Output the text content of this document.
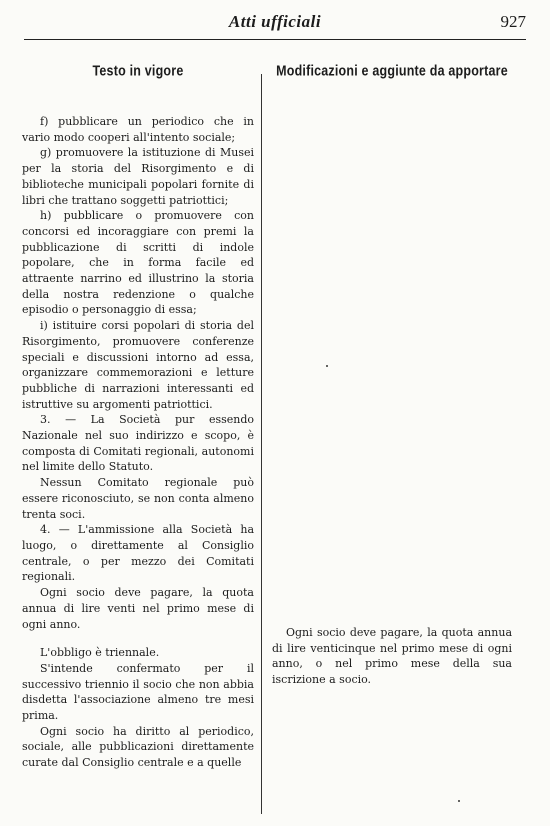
Atti ufficiali	927
Testo in vigore

f) pubblicare un periodico che in vario modo cooperi all'intento sociale;

g) promuovere la istituzione di Musei per la storia del Risorgimento e di biblioteche municipali popolari fornite di libri che trattano soggetti patriottici;

h) pubblicare o promuovere con concorsi ed incoraggiare con premi la pubblicazione di scritti di indole popolare, che in forma facile ed attraente narrino ed illustrino la storia della nostra redenzione o qualche episodio o personaggio di essa;

i) istituire corsi popolari di storia del Risorgimento, promuovere conferenze speciali e discussioni intorno ad essa, organizzare commemorazioni e letture pubbliche di narrazioni interessanti ed istruttive su argomenti patriottici.

3. — La Società pur essendo Nazionale nel suo indirizzo e scopo, è composta di Comitati regionali, autonomi nel limite dello Statuto.

Nessun Comitato regionale può essere riconosciuto, se non conta almeno trenta soci.

4. — L'ammissione alla Società ha luogo, o direttamente al Consiglio centrale, o per mezzo dei Comitati regionali.

Ogni socio deve pagare, la quota annua di lire venti nel primo mese di ogni anno.

L'obbligo è triennale.

S'intende confermato per il successivo triennio il socio che non abbia disdetta l'associazione almeno tre mesi prima.

Ogni socio ha diritto al periodico, sociale, alle pubblicazioni direttamente curate dal Consiglio centrale e a quelle

Modificazioni e aggiunte da apportare

Ogni socio deve pagare, la quota annua di lire venticinque nel primo mese di ogni anno, o nel primo mese della sua iscrizione a socio.
